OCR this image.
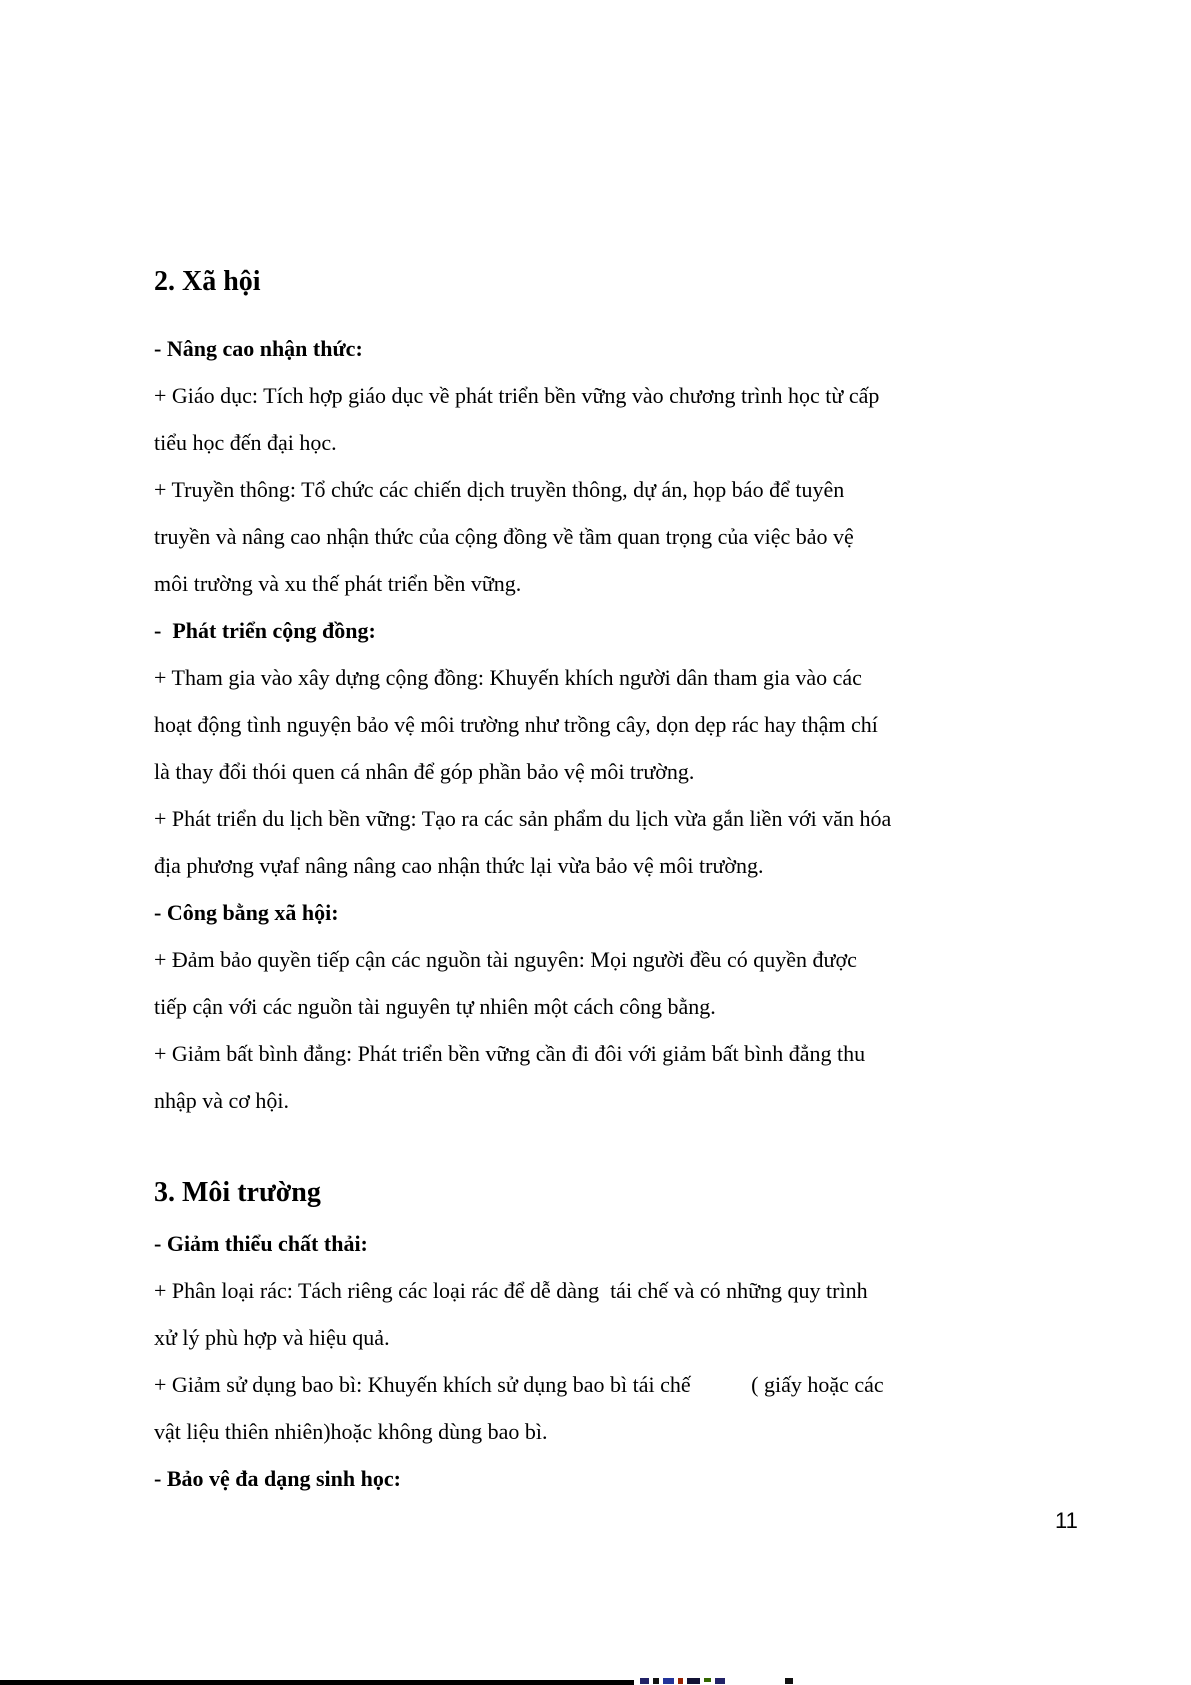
2. Xã hội
- Nâng cao nhận thức:
+ Giáo dục: Tích hợp giáo dục về phát triển bền vững vào chương trình học từ cấp
tiểu học đến đại học.
+ Truyền thông: Tổ chức các chiến dịch truyền thông, dự án, họp báo để tuyên
truyền và nâng cao nhận thức của cộng đồng về tầm quan trọng của việc bảo vệ
môi trường và xu thế phát triển bền vững.
-  Phát triển cộng đồng:
+ Tham gia vào xây dựng cộng đồng: Khuyến khích người dân tham gia vào các
hoạt động tình nguyện bảo vệ môi trường như trồng cây, dọn dẹp rác hay thậm chí
là thay đổi thói quen cá nhân để góp phần bảo vệ môi trường.
+ Phát triển du lịch bền vững: Tạo ra các sản phẩm du lịch vừa gắn liền với văn hóa
địa phương vựaf nâng nâng cao nhận thức lại vừa bảo vệ môi trường.
- Công bằng xã hội:
+ Đảm bảo quyền tiếp cận các nguồn tài nguyên: Mọi người đều có quyền được
tiếp cận với các nguồn tài nguyên tự nhiên một cách công bằng.
+ Giảm bất bình đẳng: Phát triển bền vững cần đi đôi với giảm bất bình đẳng thu
nhập và cơ hội.
3. Môi trường
- Giảm thiểu chất thải:
+ Phân loại rác: Tách riêng các loại rác để dễ dàng  tái chế và có những quy trình
xử lý phù hợp và hiệu quả.
+ Giảm sử dụng bao bì: Khuyến khích sử dụng bao bì tái chế           ( giấy hoặc các
vật liệu thiên nhiên)hoặc không dùng bao bì.
- Bảo vệ đa dạng sinh học:
11
